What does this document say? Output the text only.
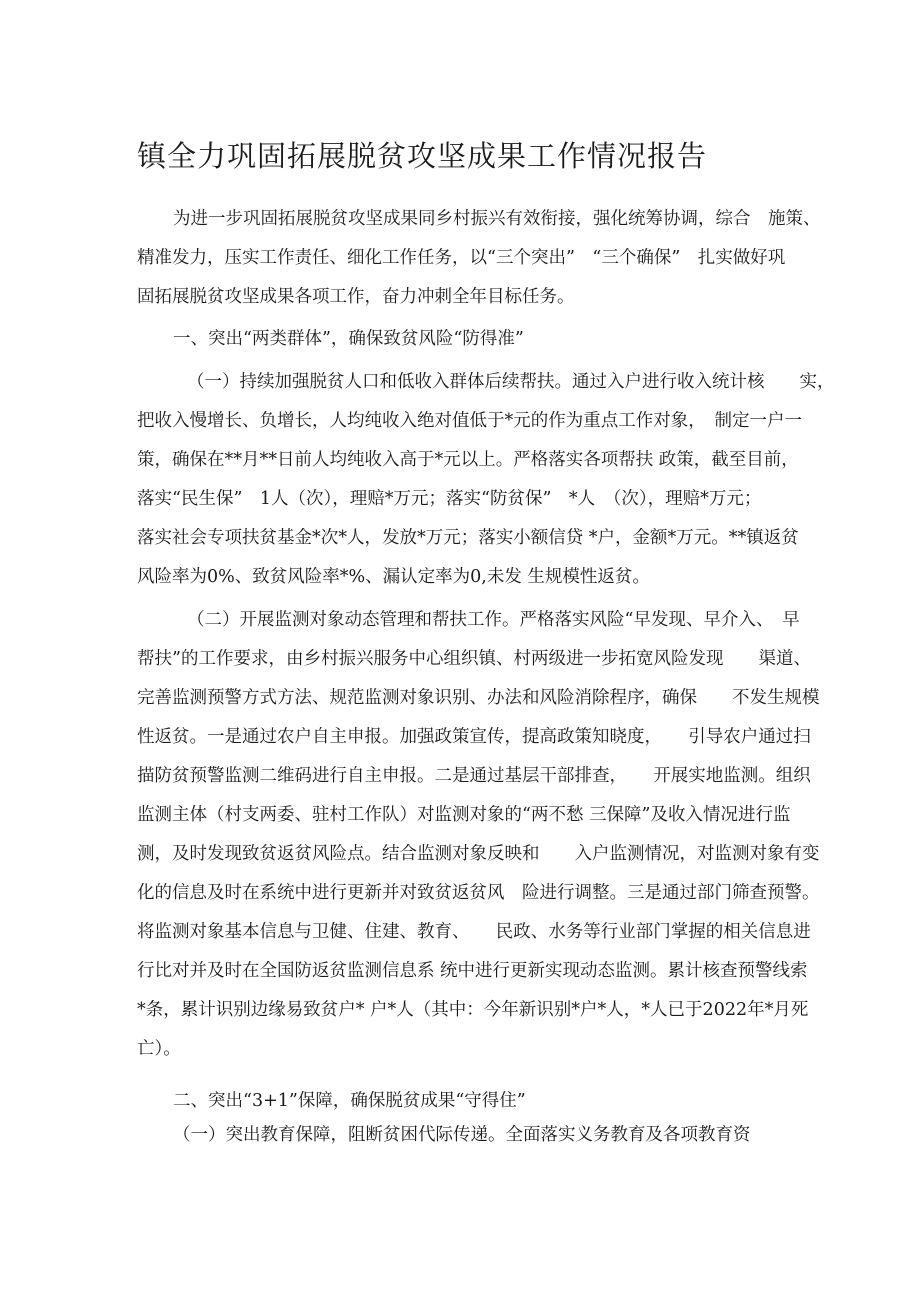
镇全力巩固拓展脱贫攻坚成果工作情况报告

为进一步巩固拓展脱贫攻坚成果同乡村振兴有效衔接，强化统筹协调，综合　施策、

精准发力，压实工作责任、细化工作任务，以“三个突出”　“三个确保”　扎实做好巩

固拓展脱贫攻坚成果各项工作，奋力冲刺全年目标任务。

一、突出“两类群体”，确保致贫风险“防得准”

（一）持续加强脱贫人口和低收入群体后续帮扶。通过入户进行收入统计核　　实，

把收入慢增长、负增长，人均纯收入绝对值低于*元的作为重点工作对象，　制定一户一

策，确保在**月**日前人均纯收入高于*元以上。严格落实各项帮扶 政策，截至目前，

落实“民生保”　1人（次），理赔*万元；落实“防贫保”　*人　（次），理赔*万元；

落实社会专项扶贫基金*次*人，发放*万元；落实小额信贷 *户，金额*万元。**镇返贫

风险率为0%、致贫风险率*%、漏认定率为0,未发 生规模性返贫。

（二）开展监测对象动态管理和帮扶工作。严格落实风险“早发现、早介入、　早

帮扶”的工作要求，由乡村振兴服务中心组织镇、村两级进一步拓宽风险发现　　渠道、

完善监测预警方式方法、规范监测对象识别、办法和风险消除程序，确保　　不发生规模

性返贫。一是通过农户自主申报。加强政策宣传，提高政策知晓度，　　引导农户通过扫

描防贫预警监测二维码进行自主申报。二是通过基层干部排查，　　开展实地监测。组织

监测主体（村支两委、驻村工作队）对监测对象的“两不愁 三保障”及收入情况进行监

测，及时发现致贫返贫风险点。结合监测对象反映和　　入户监测情况，对监测对象有变

化的信息及时在系统中进行更新并对致贫返贫风　险进行调整。三是通过部门筛查预警。

将监测对象基本信息与卫健、住建、教育、　　民政、水务等行业部门掌握的相关信息进

行比对并及时在全国防返贫监测信息系 统中进行更新实现动态监测。累计核查预警线索

*条，累计识别边缘易致贫户* 户*人（其中：今年新识别*户*人，*人已于2022年*月死

亡）。

二、突出“3+1”保障，确保脱贫成果“守得住”

（一）突出教育保障，阻断贫困代际传递。全面落实义务教育及各项教育资
